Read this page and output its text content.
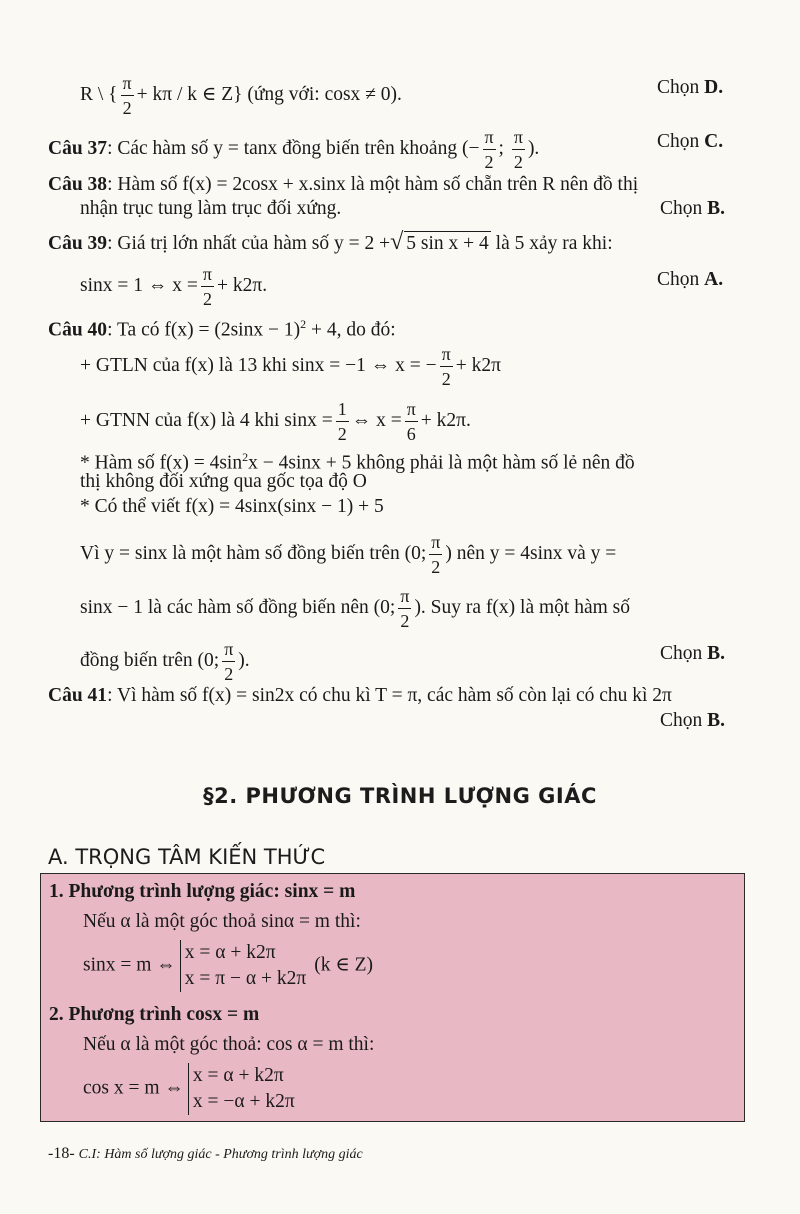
R \ { $\frac{\pi}{2} + k\pi / k$ ∈ Z} (ứng với: cosx ≠ 0).	Chọn D.
Câu 37: Các hàm số y = tanx đồng biến trên khoảng (− $\frac{\pi}{2}$ ; $\frac{\pi}{2}$ ).	Chọn C.
Câu 38: Hàm số f(x) = 2cosx + x.sinx là một hàm số chẵn trên R nên đồ thị
nhận trục tung làm trục đối xứng.	Chọn B.
Câu 39: Giá trị lớn nhất của hàm số y = 2 +√ 5 sin x + 4 là 5 xảy ra khi:
sinx = 1 ⇔ $x = \frac{\pi}{2} + k2\pi$.	Chọn A.
Câu 40: Ta có $f(x) = (2\sin x - 1)^2 + 4$, do đó:
+ GTLN của f(x) là 13 khi sinx = −1 ⇔ x = − $\frac{\pi}{2} + k2\pi$
+ GTNN của f(x) là 4 khi $\sin x = \frac{1}{2}$ ⇔ $x = \frac{\pi}{6} + k2\pi$.
* Hàm số $f(x) = 4\sin^2x - 4\sin x + 5$ không phải là một hàm số lẻ nên đồ
thị không đối xứng qua gốc tọa độ O
* Có thể viết f(x) = 4sinx(sinx − 1) + 5
Vì y = sinx là một hàm số đồng biến trên (0; $\frac{\pi}{2}$ ) nên y = 4sinx và y =
sinx − 1 là các hàm số đồng biến nên (0; $\frac{\pi}{2}$ ). Suy ra f(x) là một hàm số
đồng biến trên (0; $\frac{\pi}{2}$ ).	Chọn B.
Câu 41: Vì hàm số f(x) = sin2x có chu kì T = π, các hàm số còn lại có chu kì 2π
Chọn B.
§2. PHƯƠNG TRÌNH LƯỢNG GIÁC
A. TRỌNG TÂM KIẾN THỨC
1. Phương trình lượng giác: sinx = m
Nếu α là một góc thoả sinα = m thì:
sinx = m ⇔
x = α + k2π
x = π − α + k2π
(k ∈ Z)
2. Phương trình cosx = m
Nếu α là một góc thoả: cos α = m thì:
cos x = m ⇔
x = α + k2π
x = −α + k2π
-18- C.I: Hàm số lượng giác - Phương trình lượng giác
